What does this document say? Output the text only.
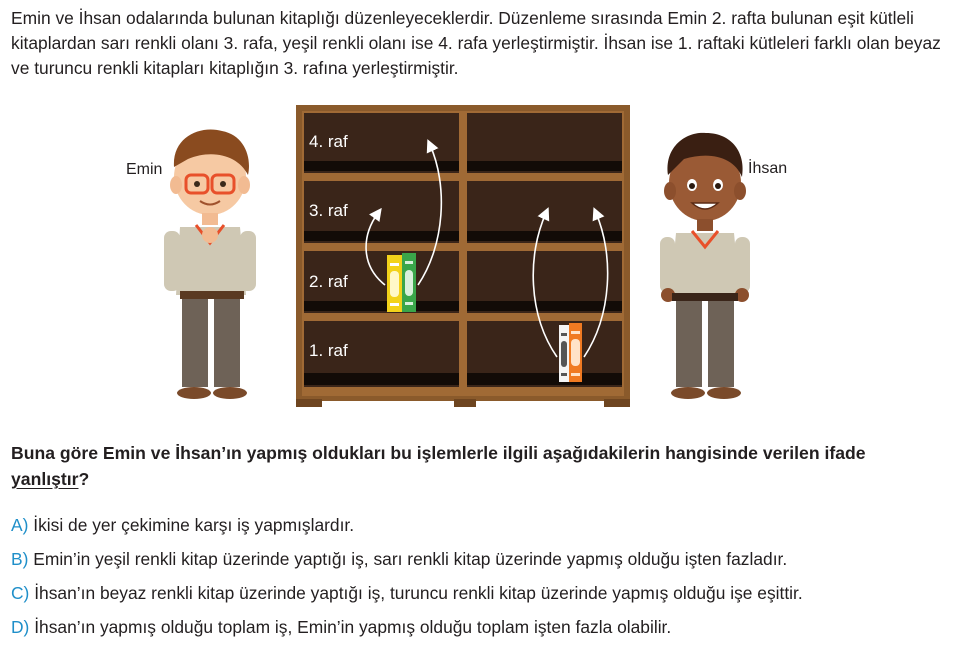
Emin ve İhsan odalarında bulunan kitaplığı düzenleyeceklerdir. Düzenleme sırasında Emin 2. rafta bulunan eşit kütleli kitaplardan sarı renkli olanı 3. rafa, yeşil renkli olanı ise 4. rafa yerleştirmiştir. İhsan ise 1. raftaki kütleleri farklı olan beyaz ve turuncu renkli kitapları kitaplığın 3. rafına yerleştirmiştir.

4. raf
3. raf
2. raf
1. raf
Emin	İhsan

Buna göre Emin ve İhsan’ın yapmış oldukları bu işlemlerle ilgili aşağıdakilerin hangisinde verilen ifade yanlıştır?

A) İkisi de yer çekimine karşı iş yapmışlardır.
B) Emin’in yeşil renkli kitap üzerinde yaptığı iş, sarı renkli kitap üzerinde yapmış olduğu işten fazladır.
C) İhsan’ın beyaz renkli kitap üzerinde yaptığı iş, turuncu renkli kitap üzerinde yapmış olduğu işe eşittir.
D) İhsan’ın yapmış olduğu toplam iş, Emin’in yapmış olduğu toplam işten fazla olabilir.
